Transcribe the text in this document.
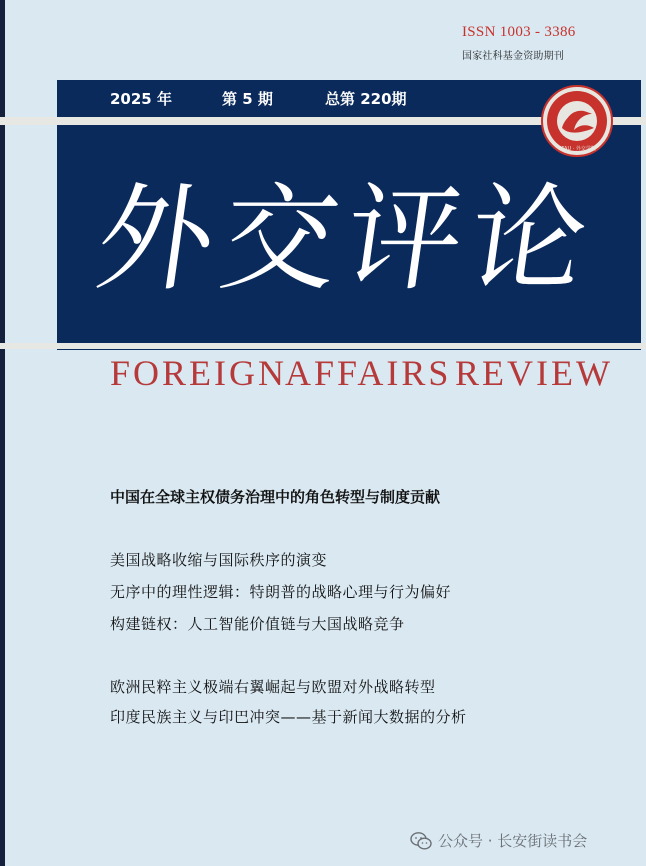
ISSN 1003 - 3386
国家社科基金资助期刊
2025 年	第 5 期	总第 220期
CFAU · 外交学院
外交评论
FOREIGN
AFFAIRS REVIEW
中国在全球主权债务治理中的角色转型与制度贡献
美国战略收缩与国际秩序的演变
无序中的理性逻辑：特朗普的战略心理与行为偏好
构建链权：人工智能价值链与大国战略竞争
欧洲民粹主义极端右翼崛起与欧盟对外战略转型
印度民族主义与印巴冲突——基于新闻大数据的分析
公众号 · 长安街读书会
